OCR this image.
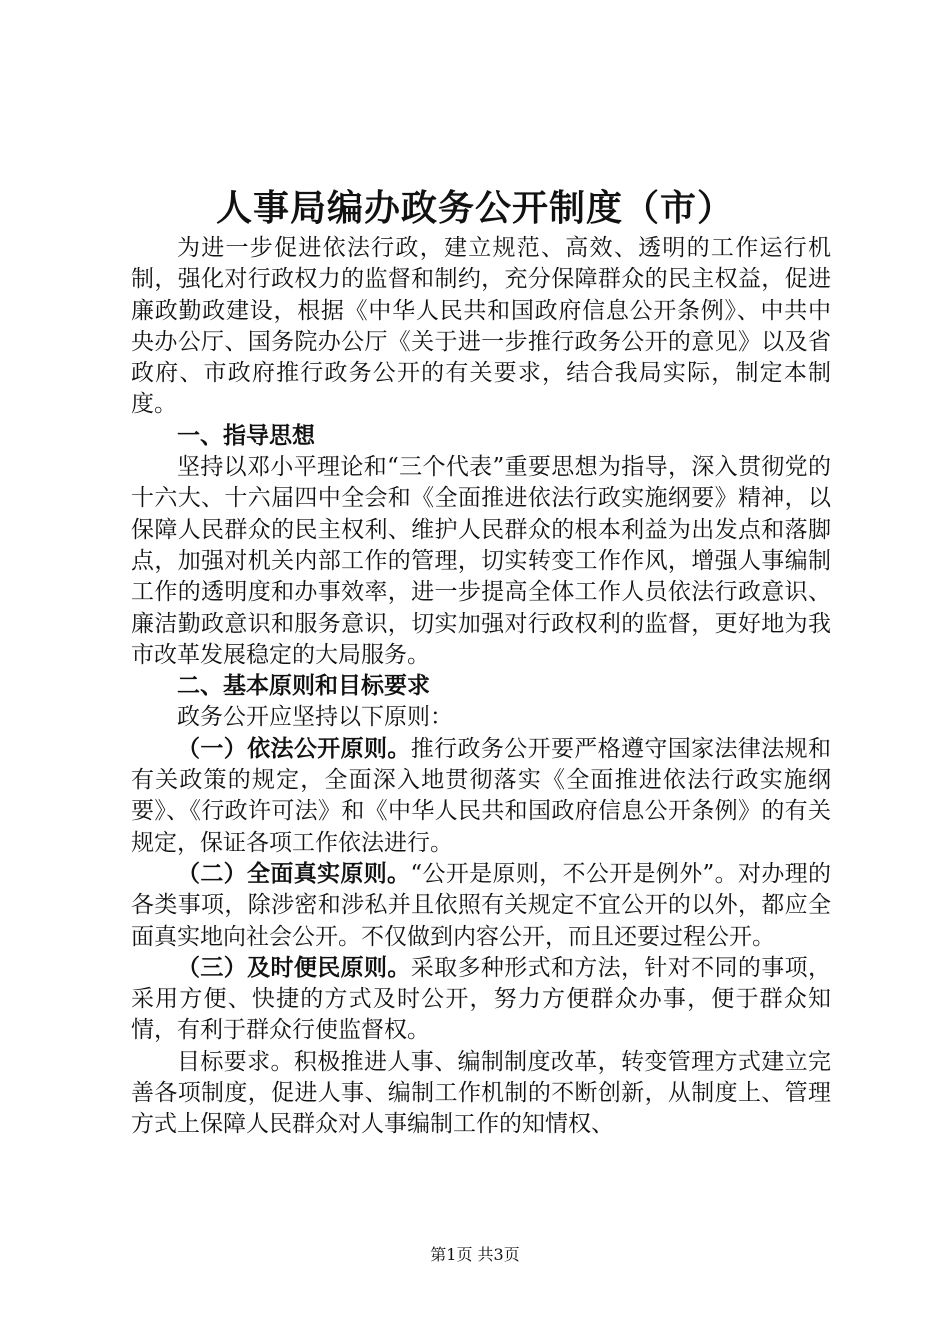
人事局编办政务公开制度（市）

为进一步促进依法行政，建立规范、高效、透明的工作运行机制，强化对行政权力的监督和制约，充分保障群众的民主权益，促进廉政勤政建设，根据《中华人民共和国政府信息公开条例》、中共中央办公厅、国务院办公厅《关于进一步推行政务公开的意见》以及省政府、市政府推行政务公开的有关要求，结合我局实际，制定本制度。

一、指导思想

坚持以邓小平理论和“三个代表”重要思想为指导，深入贯彻党的十六大、十六届四中全会和《全面推进依法行政实施纲要》精神，以保障人民群众的民主权利、维护人民群众的根本利益为出发点和落脚点，加强对机关内部工作的管理，切实转变工作作风，增强人事编制工作的透明度和办事效率，进一步提高全体工作人员依法行政意识、廉洁勤政意识和服务意识，切实加强对行政权利的监督，更好地为我市改革发展稳定的大局服务。

二、基本原则和目标要求

政务公开应坚持以下原则：

（一）依法公开原则。推行政务公开要严格遵守国家法律法规和有关政策的规定，全面深入地贯彻落实《全面推进依法行政实施纲要》、《行政许可法》和《中华人民共和国政府信息公开条例》的有关规定，保证各项工作依法进行。

（二）全面真实原则。“公开是原则，不公开是例外”。对办理的各类事项，除涉密和涉私并且依照有关规定不宜公开的以外，都应全面真实地向社会公开。不仅做到内容公开，而且还要过程公开。

（三）及时便民原则。采取多种形式和方法，针对不同的事项，采用方便、快捷的方式及时公开，努力方便群众办事，便于群众知情，有利于群众行使监督权。

目标要求。积极推进人事、编制制度改革，转变管理方式建立完善各项制度，促进人事、编制工作机制的不断创新，从制度上、管理方式上保障人民群众对人事编制工作的知情权、

第1页 共3页
